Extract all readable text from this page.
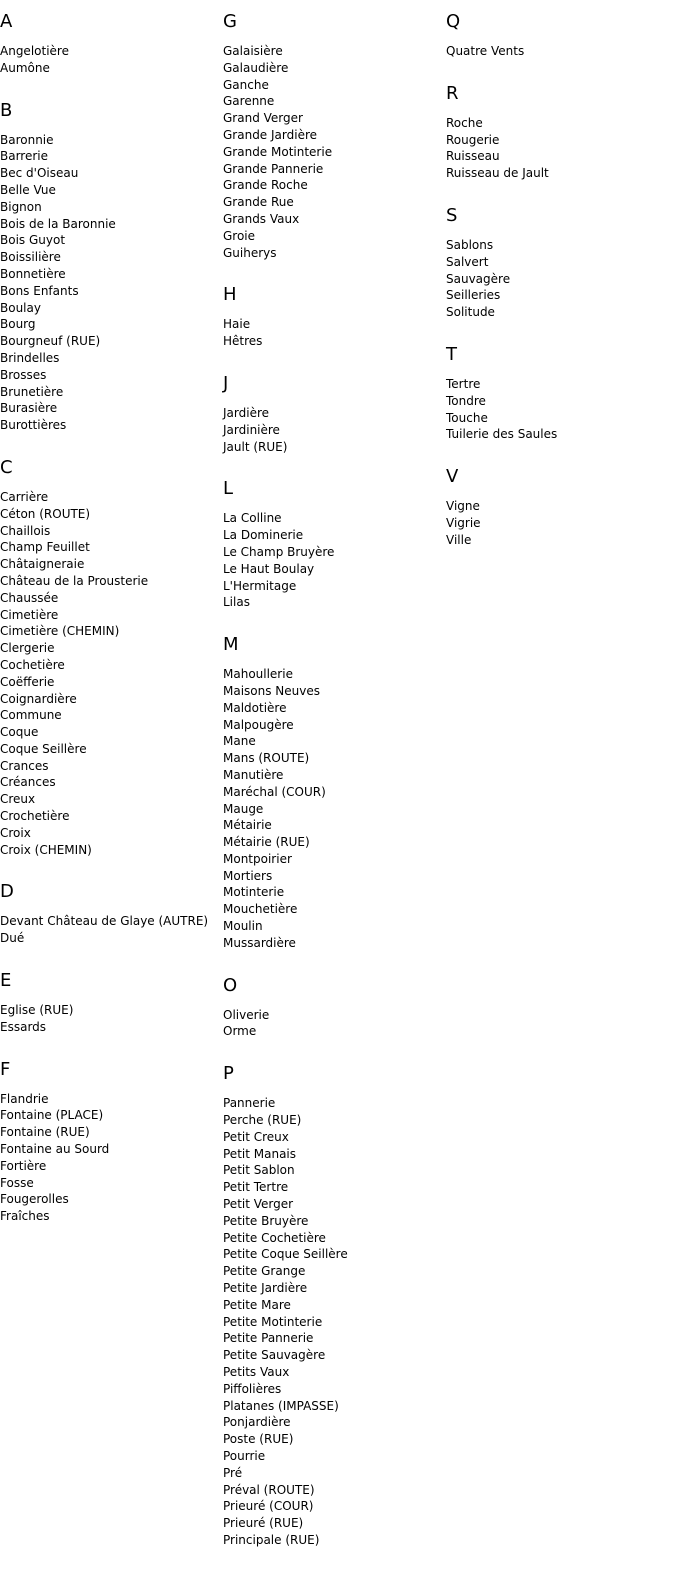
A
Angelotière
Aumône
B
Baronnie
Barrerie
Bec d'Oiseau
Belle Vue
Bignon
Bois de la Baronnie
Bois Guyot
Boissilière
Bonnetière
Bons Enfants
Boulay
Bourg
Bourgneuf (RUE)
Brindelles
Brosses
Brunetière
Burasière
Burottières
C
Carrière
Céton (ROUTE)
Chaillois
Champ Feuillet
Châtaigneraie
Château de la Prousterie
Chaussée
Cimetière
Cimetière (CHEMIN)
Clergerie
Cochetière
Coëfferie
Coignardière
Commune
Coque
Coque Seillère
Crances
Créances
Creux
Crochetière
Croix
Croix (CHEMIN)
D
Devant Château de Glaye (AUTRE)
Dué
E
Eglise (RUE)
Essards
F
Flandrie
Fontaine (PLACE)
Fontaine (RUE)
Fontaine au Sourd
Fortière
Fosse
Fougerolles
Fraîches
G
Galaisière
Galaudière
Ganche
Garenne
Grand Verger
Grande Jardière
Grande Motinterie
Grande Pannerie
Grande Roche
Grande Rue
Grands Vaux
Groie
Guiherys
H
Haie
Hêtres
J
Jardière
Jardinière
Jault (RUE)
L
La Colline
La Dominerie
Le Champ Bruyère
Le Haut Boulay
L'Hermitage
Lilas
M
Mahoullerie
Maisons Neuves
Maldotière
Malpougère
Mane
Mans (ROUTE)
Manutière
Maréchal (COUR)
Mauge
Métairie
Métairie (RUE)
Montpoirier
Mortiers
Motinterie
Mouchetière
Moulin
Mussardière
O
Oliverie
Orme
P
Pannerie
Perche (RUE)
Petit Creux
Petit Manais
Petit Sablon
Petit Tertre
Petit Verger
Petite Bruyère
Petite Cochetière
Petite Coque Seillère
Petite Grange
Petite Jardière
Petite Mare
Petite Motinterie
Petite Pannerie
Petite Sauvagère
Petits Vaux
Piffolières
Platanes (IMPASSE)
Ponjardière
Poste (RUE)
Pourrie
Pré
Préval (ROUTE)
Prieuré (COUR)
Prieuré (RUE)
Principale (RUE)
Q
Quatre Vents
R
Roche
Rougerie
Ruisseau
Ruisseau de Jault
S
Sablons
Salvert
Sauvagère
Seilleries
Solitude
T
Tertre
Tondre
Touche
Tuilerie des Saules
V
Vigne
Vigrie
Ville
